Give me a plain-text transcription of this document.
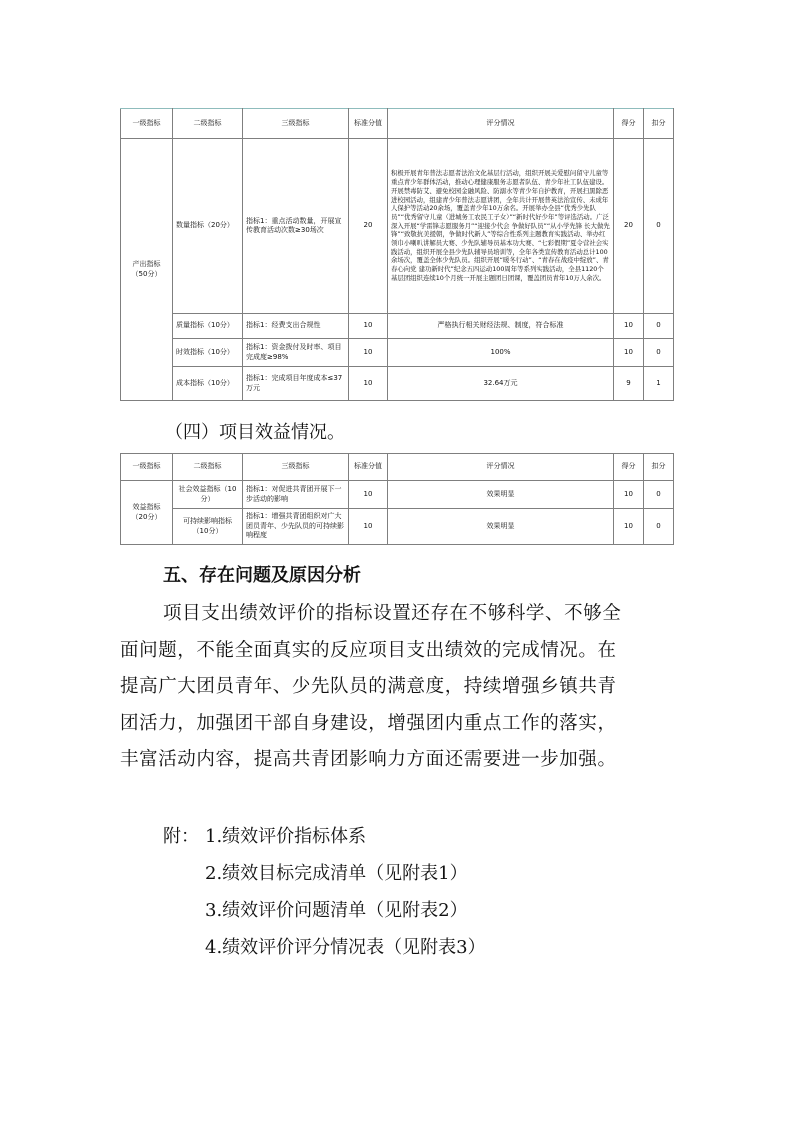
一级指标	二级指标	三级指标	标准分值	评分情况	得分	扣分
产出指标（50分）	数量指标（20分）	指标1：重点活动数量，开展宣传教育活动次数≥30场次	20	积极开展青年普法志愿者法治文化基层行活动，组织开展关爱慰问留守儿童等重点青少年群体活动，推动心理健康服务志愿者队伍、青少年社工队伍建设。开展禁毒防艾、避免校园金融风险、防溺水等青少年自护教育，开展扫黑除恶进校园活动，组建青少年普法志愿讲团，全年共计开展普英法治宣传、未成年人保护等活动20余场，覆盖青少年10万余名。开展举办全县“优秀少先队员”“优秀留守儿童（进城务工农民工子女）”“新时代好少年”等评选活动。广泛深入开展“学雷锋志愿服务月”“迎接少代会 争做好队员”“从小学先锋 长大做先锋”“致敬抗美援朝，争做时代新人”等综合性系列主题教育实践活动、举办红领巾小喇叭讲解员大赛、少先队辅导员基本功大赛、“七彩假期”夏令营社会实践活动，组织开展全县少先队辅导员培训等，全年各类宣传教育活动总计100余场次，覆盖全体少先队员。组织开展“暖冬行动”、“青春在战疫中绽放”、青春心向党 建功新时代”纪念五四运动100周年等系列实践活动，全县1120个基层团组织连续10个月统一开展主题团日团课，覆盖团员青年10万人余次。	20	0
	质量指标（10分）	指标1：经费支出合规性	10	严格执行相关财经法规、制度，符合标准	10	0
	时效指标（10分）	指标1：资金拨付及时率、项目完成度≥98%	10	100%	10	0
	成本指标（10分）	指标1：完成项目年度成本≤37万元	10	32.64万元	9	1
（四）项目效益情况。
一级指标	二级指标	三级指标	标准分值	评分情况	得分	扣分
效益指标（20分）	社会效益指标（10分）	指标1：对促进共青团开展下一步活动的影响	10	效果明显	10	0
	可持续影响指标（10分）	指标1：增强共青团组织对广大团员青年、少先队员的可持续影响程度	10	效果明显	10	0
五、存在问题及原因分析
项目支出绩效评价的指标设置还存在不够科学、不够全
面问题，不能全面真实的反应项目支出绩效的完成情况。在
提高广大团员青年、少先队员的满意度，持续增强乡镇共青
团活力，加强团干部自身建设，增强团内重点工作的落实，
丰富活动内容，提高共青团影响力方面还需要进一步加强。
附： 1.绩效评价指标体系
2.绩效目标完成清单（见附表1）
3.绩效评价问题清单（见附表2）
4.绩效评价评分情况表（见附表3）
